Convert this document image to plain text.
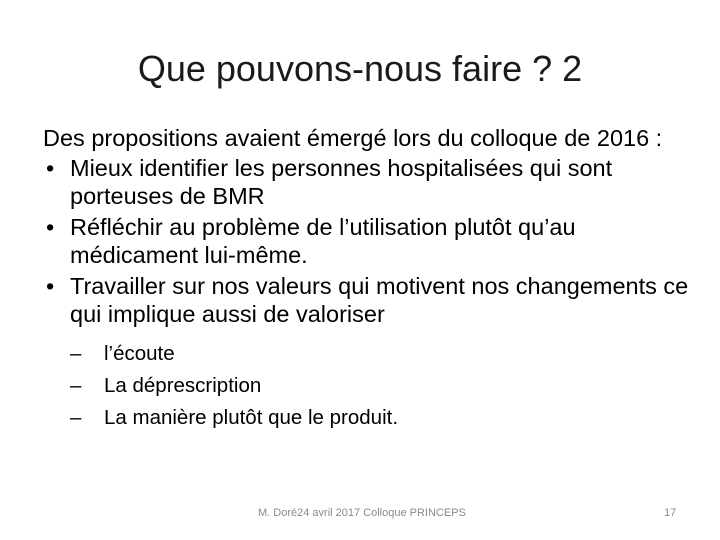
Que pouvons-nous faire ? 2

Des propositions avaient émergé lors du colloque de 2016 :

• Mieux identifier les personnes hospitalisées qui sont porteuses de BMR
• Réfléchir au problème de l’utilisation plutôt qu’au médicament lui-même.
• Travailler sur nos valeurs qui motivent nos changements ce qui implique aussi de valoriser
– l’écoute
– La déprescription
– La manière plutôt que le produit.
M. Doré24 avril 2017 Colloque PRINCEPS	17
